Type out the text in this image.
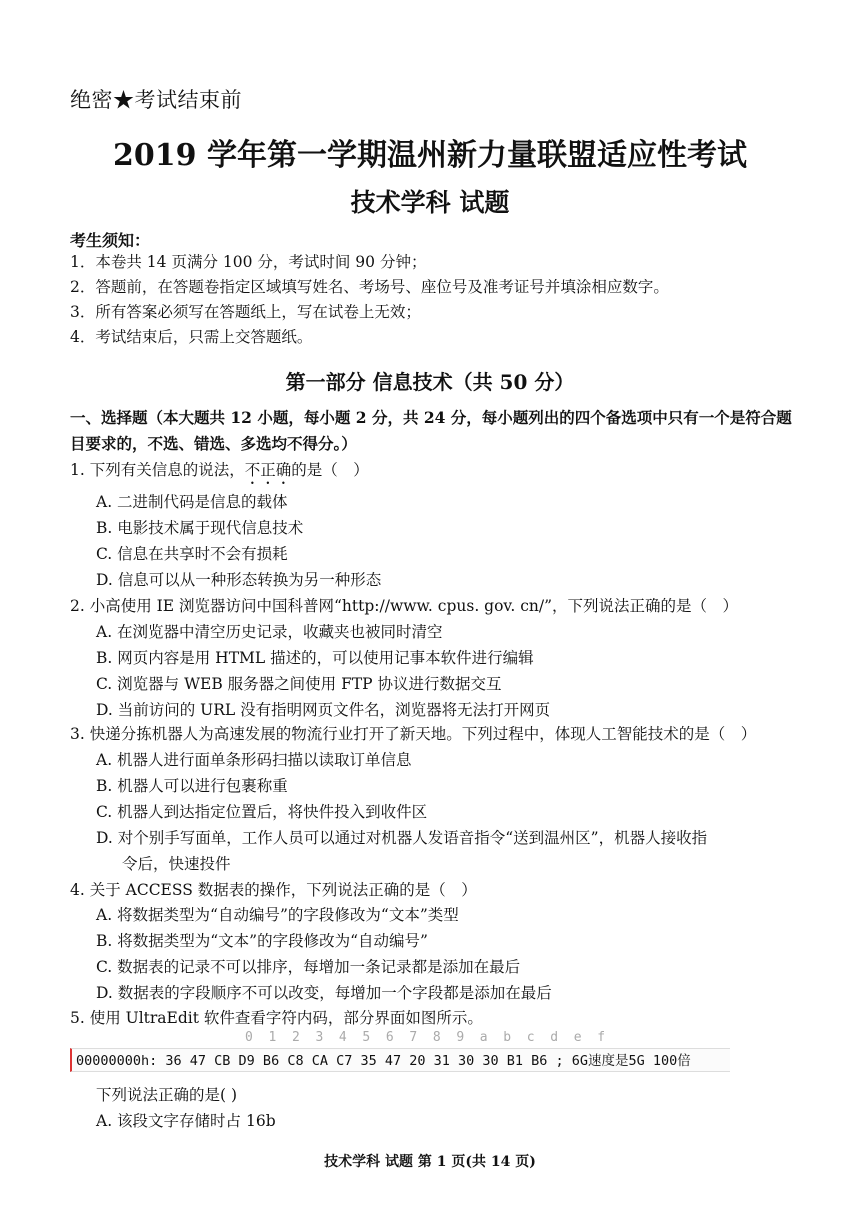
绝密★考试结束前
2019 学年第一学期温州新力量联盟适应性考试
技术学科 试题
考生须知：
1．本卷共 14 页满分 100 分，考试时间 90 分钟；
2．答题前，在答题卷指定区域填写姓名、考场号、座位号及准考证号并填涂相应数字。
3．所有答案必须写在答题纸上，写在试卷上无效；
4．考试结束后，只需上交答题纸。
第一部分 信息技术（共 50 分）
一、选择题（本大题共 12 小题，每小题 2 分，共 24 分，每小题列出的四个备选项中只有一个是符合题目要求的，不选、错选、多选均不得分。）
1. 下列有关信息的说法，不正确的是（　）
A. 二进制代码是信息的载体
B. 电影技术属于现代信息技术
C. 信息在共享时不会有损耗
D. 信息可以从一种形态转换为另一种形态
2. 小高使用 IE 浏览器访问中国科普网“http://www. cpus. gov. cn/”，下列说法正确的是（　）
A. 在浏览器中清空历史记录，收藏夹也被同时清空
B. 网页内容是用 HTML 描述的，可以使用记事本软件进行编辑
C. 浏览器与 WEB 服务器之间使用 FTP 协议进行数据交互
D. 当前访问的 URL 没有指明网页文件名，浏览器将无法打开网页
3. 快递分拣机器人为高速发展的物流行业打开了新天地。下列过程中，体现人工智能技术的是（　）
A. 机器人进行面单条形码扫描以读取订单信息
B. 机器人可以进行包裹称重
C. 机器人到达指定位置后，将快件投入到收件区
D. 对个别手写面单，工作人员可以通过对机器人发语音指令“送到温州区”，机器人接收指
令后，快速投件
4. 关于 ACCESS 数据表的操作，下列说法正确的是（　）
A. 将数据类型为“自动编号”的字段修改为“文本”类型
B. 将数据类型为“文本”的字段修改为“自动编号”
C. 数据表的记录不可以排序，每增加一条记录都是添加在最后
D. 数据表的字段顺序不可以改变，每增加一个字段都是添加在最后
5. 使用 UltraEdit 软件查看字符内码，部分界面如图所示。
0  1  2  3  4  5  6  7  8  9  a  b  c  d  e  f
00000000h: 36 47 CB D9 B6 C8 CA C7 35 47 20 31 30 30 B1 B6 ; 6G速度是5G 100倍
下列说法正确的是( )
A. 该段文字存储时占 16b
技术学科 试题 第 1 页(共 14 页)
